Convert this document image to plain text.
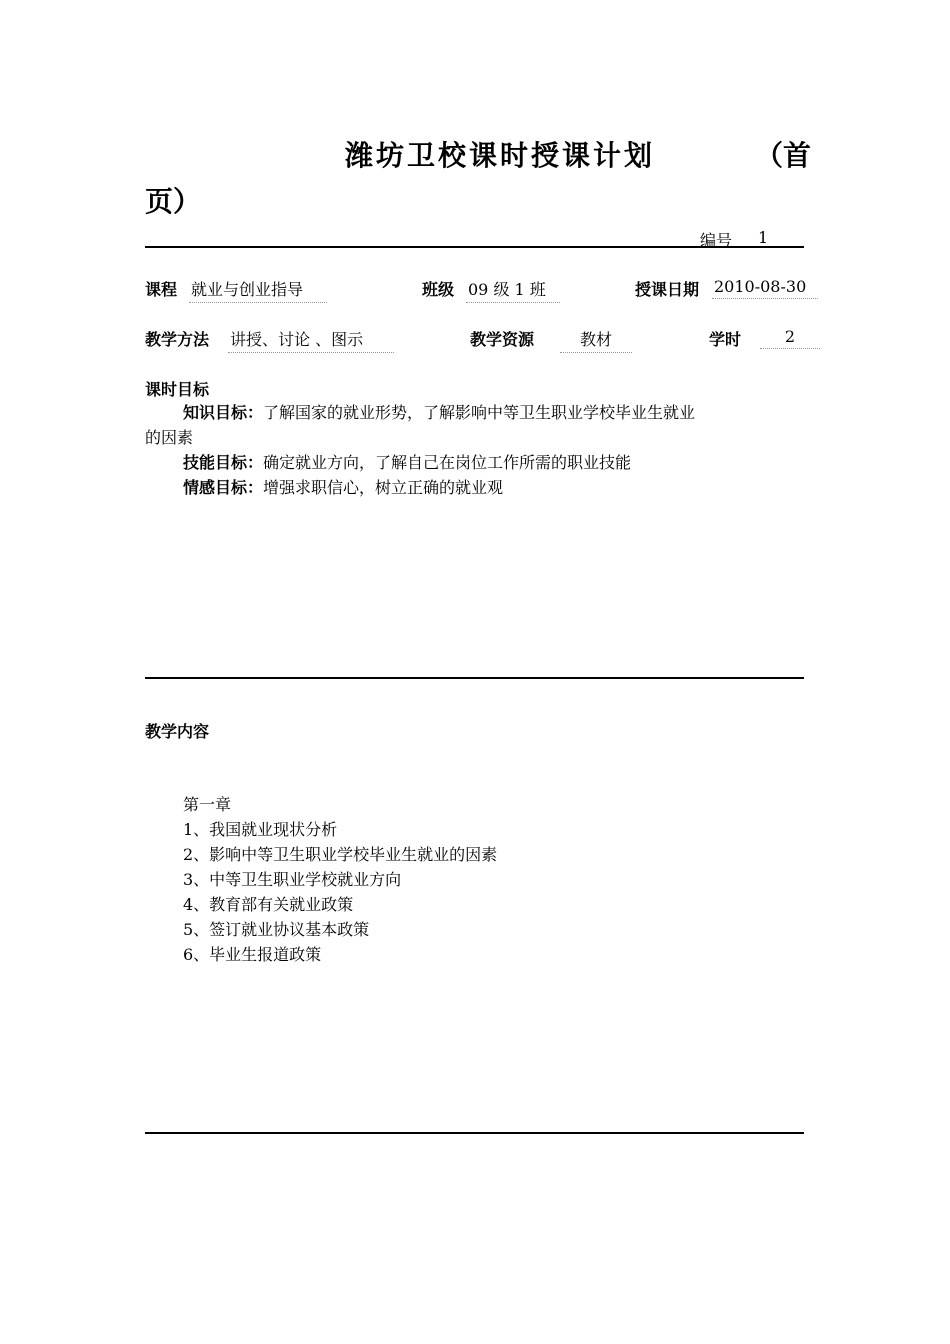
潍坊卫校课时授课计划	（首
页）
编号 1
课程 就业与创业指导	班级 09 级 1 班	授课日期 2010-08-30
教学方法 讲授、讨论 、图示	教学资源	教材	学时	2
课时目标
知识目标：了解国家的就业形势，了解影响中等卫生职业学校毕业生就业
的因素
技能目标：确定就业方向，了解自己在岗位工作所需的职业技能
情感目标：增强求职信心，树立正确的就业观
教学内容
第一章
1、我国就业现状分析
2、影响中等卫生职业学校毕业生就业的因素
3、中等卫生职业学校就业方向
4、教育部有关就业政策
5、签订就业协议基本政策
6、毕业生报道政策
